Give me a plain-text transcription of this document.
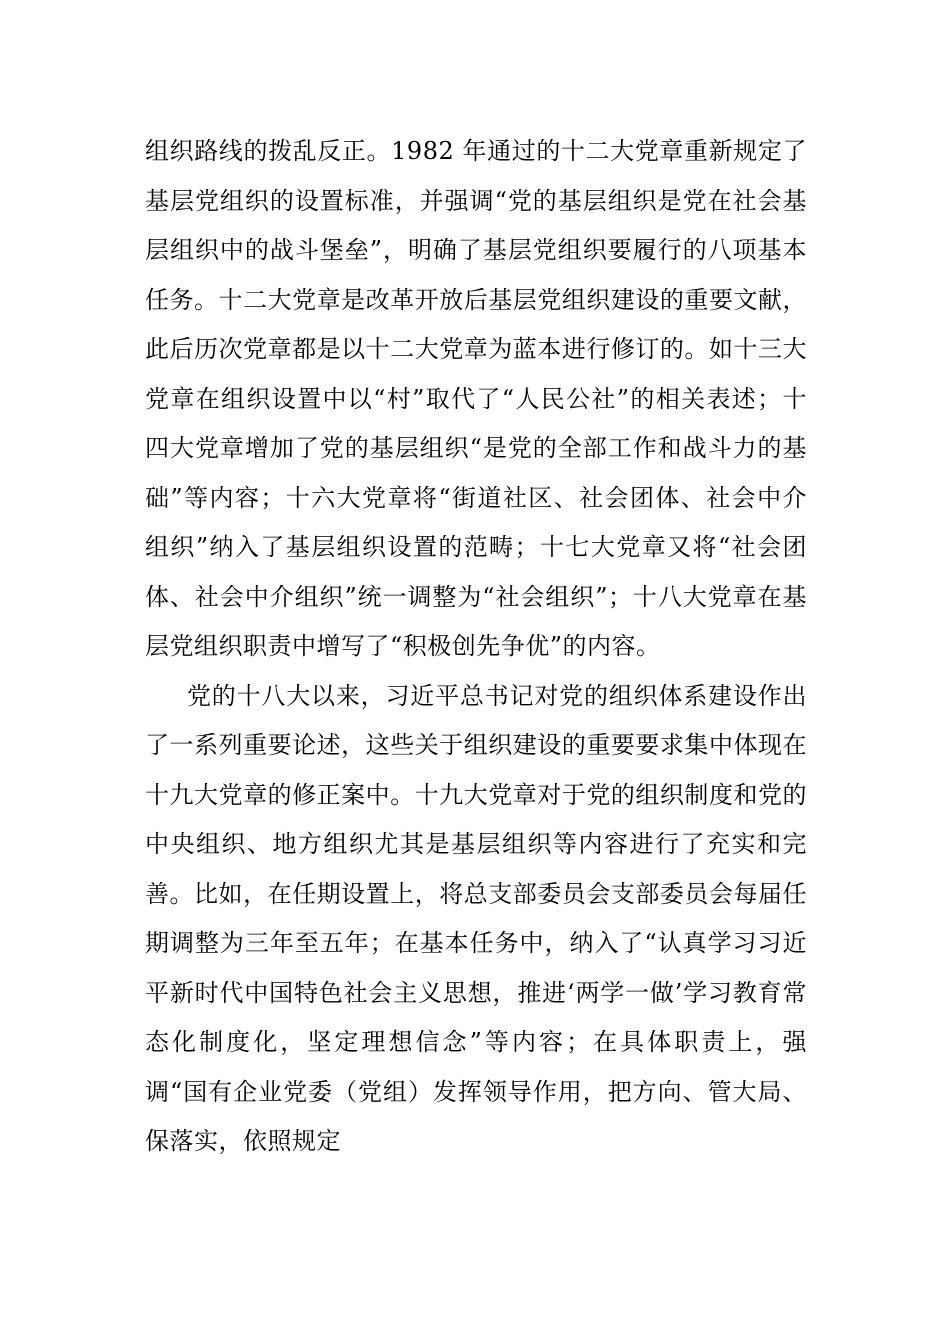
组织路线的拨乱反正。1982 年通过的十二大党章重新规定了基层党组织的设置标准，并强调“党的基层组织是党在社会基层组织中的战斗堡垒”，明确了基层党组织要履行的八项基本任务。十二大党章是改革开放后基层党组织建设的重要文献，此后历次党章都是以十二大党章为蓝本进行修订的。如十三大党章在组织设置中以“村”取代了“人民公社”的相关表述；十四大党章增加了党的基层组织“是党的全部工作和战斗力的基础”等内容；十六大党章将“街道社区、社会团体、社会中介组织”纳入了基层组织设置的范畴；十七大党章又将“社会团体、社会中介组织”统一调整为“社会组织”；十八大党章在基层党组织职责中增写了“积极创先争优”的内容。

党的十八大以来，习近平总书记对党的组织体系建设作出了一系列重要论述，这些关于组织建设的重要要求集中体现在十九大党章的修正案中。十九大党章对于党的组织制度和党的中央组织、地方组织尤其是基层组织等内容进行了充实和完善。比如，在任期设置上，将总支部委员会支部委员会每届任期调整为三年至五年；在基本任务中，纳入了“认真学习习近平新时代中国特色社会主义思想，推进‘两学一做’学习教育常态化制度化，坚定理想信念”等内容；在具体职责上，强调“国有企业党委（党组）发挥领导作用，把方向、管大局、保落实，依照规定
